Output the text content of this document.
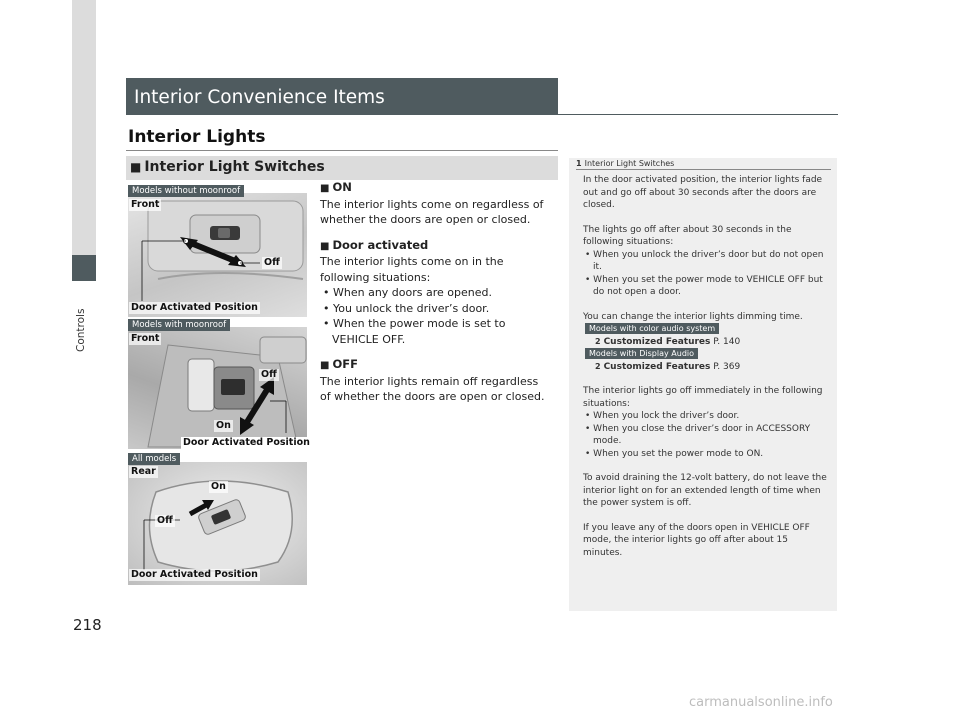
Controls
218
Interior Convenience Items
Interior Lights
■ Interior Light Switches
Models without moonroof
Front
Off
Door Activated Position
Models with moonroof
Front
Off
On
Door Activated Position
All models
Rear
On
Off
Door Activated Position
■ ON

The interior lights come on regardless of whether the doors are open or closed.

■ Door activated

The interior lights come on in the following situations:

• When any doors are opened.

• You unlock the driver’s door.

• When the power mode is set to VEHICLE OFF.

■ OFF

The interior lights remain off regardless of whether the doors are open or closed.

1 Interior Light Switches

In the door activated position, the interior lights fade out and go off about 30 seconds after the doors are closed.

The lights go off after about 30 seconds in the following situations:

• When you unlock the driver’s door but do not open it.

• When you set the power mode to VEHICLE OFF but do not open a door.

You can change the interior lights dimming time.

Models with color audio system

2 Customized Features P. 140

Models with Display Audio

2 Customized Features P. 369

The interior lights go off immediately in the following situations:

• When you lock the driver’s door.

• When you close the driver’s door in ACCESSORY mode.

• When you set the power mode to ON.

To avoid draining the 12-volt battery, do not leave the interior light on for an extended length of time when the power system is off.

If you leave any of the doors open in VEHICLE OFF mode, the interior lights go off after about 15 minutes.

carmanualsonline.info
